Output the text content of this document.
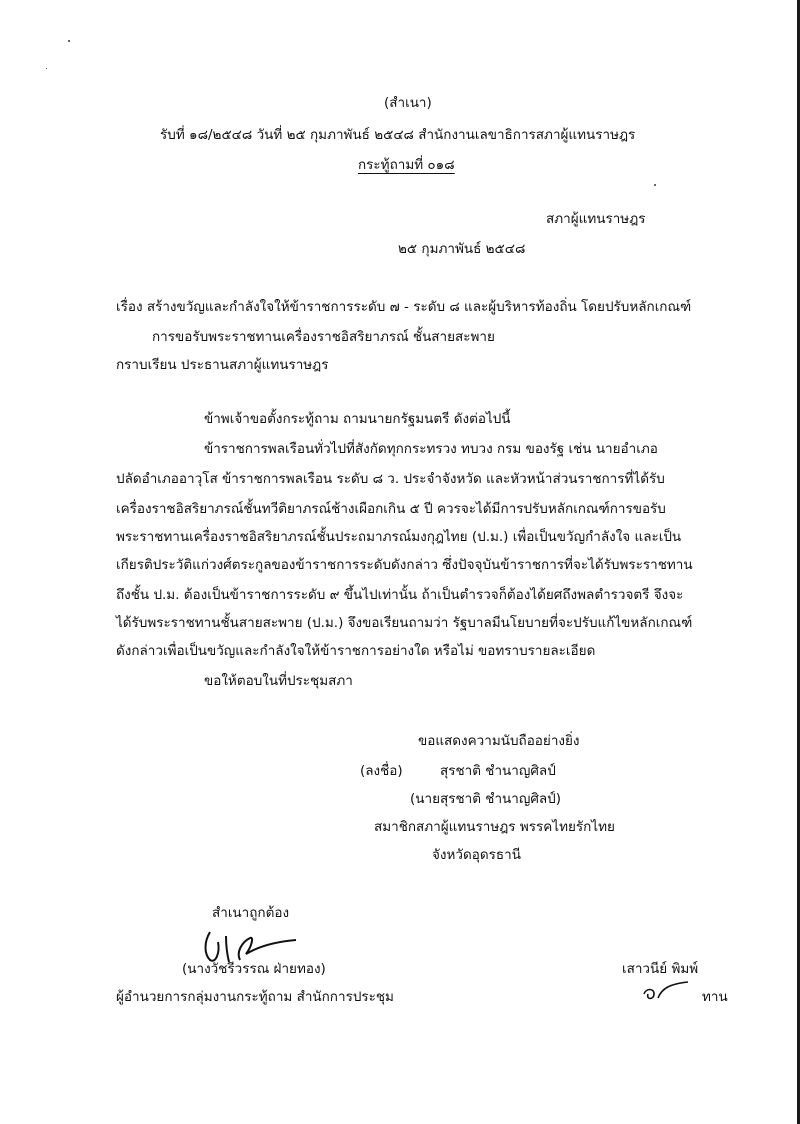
(สำเนา)
รับที่ ๑๘/๒๕๔๘ วันที่ ๒๕ กุมภาพันธ์ ๒๕๔๘ สำนักงานเลขาธิการสภาผู้แทนราษฎร
กระทู้ถามที่ ๐๑๘
สภาผู้แทนราษฎร
๒๕ กุมภาพันธ์ ๒๕๔๘
เรื่อง สร้างขวัญและกำลังใจให้ข้าราชการระดับ ๗ - ระดับ ๘ และผู้บริหารท้องถิ่น โดยปรับหลักเกณฑ์
การขอรับพระราชทานเครื่องราชอิสริยาภรณ์ ชั้นสายสะพาย
กราบเรียน ประธานสภาผู้แทนราษฎร
ข้าพเจ้าขอตั้งกระทู้ถาม ถามนายกรัฐมนตรี ดังต่อไปนี้
ข้าราชการพลเรือนทั่วไปที่สังกัดทุกกระทรวง ทบวง กรม ของรัฐ เช่น นายอำเภอ
ปลัดอำเภออาวุโส ข้าราชการพลเรือน ระดับ ๘ ว. ประจำจังหวัด และหัวหน้าส่วนราชการที่ได้รับ
เครื่องราชอิสริยาภรณ์ชั้นทวีติยาภรณ์ช้างเผือกเกิน ๕ ปี ควรจะได้มีการปรับหลักเกณฑ์การขอรับ
พระราชทานเครื่องราชอิสริยาภรณ์ชั้นประถมาภรณ์มงกุฎไทย (ป.ม.) เพื่อเป็นขวัญกำลังใจ และเป็น
เกียรติประวัติแก่วงศ์ตระกูลของข้าราชการระดับดังกล่าว ซึ่งปัจจุบันข้าราชการที่จะได้รับพระราชทาน
ถึงชั้น ป.ม. ต้องเป็นข้าราชการระดับ ๙ ขึ้นไปเท่านั้น ถ้าเป็นตำรวจก็ต้องได้ยศถึงพลตำรวจตรี จึงจะ
ได้รับพระราชทานชั้นสายสะพาย (ป.ม.) จึงขอเรียนถามว่า รัฐบาลมีนโยบายที่จะปรับแก้ไขหลักเกณฑ์
ดังกล่าวเพื่อเป็นขวัญและกำลังใจให้ข้าราชการอย่างใด หรือไม่ ขอทราบรายละเอียด
ขอให้ตอบในที่ประชุมสภา
ขอแสดงความนับถืออย่างยิ่ง
(ลงชื่อ)	สุรชาติ ชำนาญศิลป์
(นายสุรชาติ ชำนาญศิลป์)
สมาชิกสภาผู้แทนราษฎร พรรคไทยรักไทย
จังหวัดอุดรธานี
สำเนาถูกต้อง
(นางวัชรีวรรณ ฝ่ายทอง)
ผู้อำนวยการกลุ่มงานกระทู้ถาม สำนักการประชุม
เสาวนีย์ พิมพ์
ทาน
